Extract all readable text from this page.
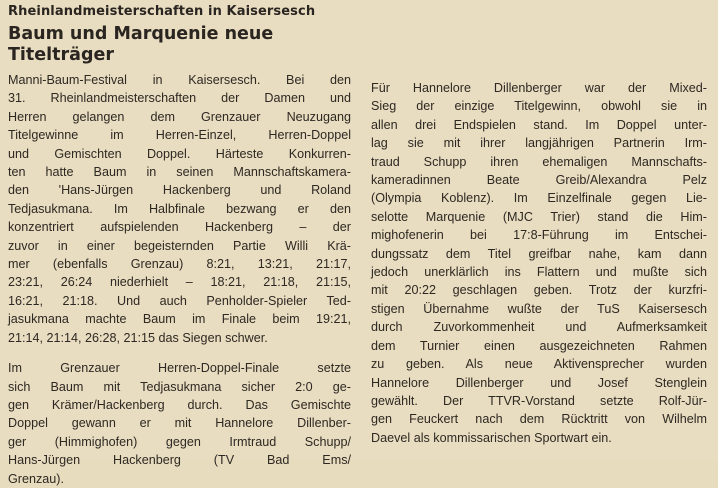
Rheinlandmeisterschaften in Kaisersesch
Baum und Marquenie neue
Titelträger

Manni-Baum-Festival in Kaisersesch. Bei den
31. Rheinlandmeisterschaften der Damen und
Herren gelangen dem Grenzauer Neuzugang
Titelgewinne im Herren-Einzel, Herren-Doppel
und Gemischten Doppel. Härteste Konkurren-
ten hatte Baum in seinen Mannschaftskamera-
den 'Hans-Jürgen Hackenberg und Roland
Tedjasukmana. Im Halbfinale bezwang er den
konzentriert aufspielenden Hackenberg – der
zuvor in einer begeisternden Partie Willi Krä-
mer (ebenfalls Grenzau) 8:21, 13:21, 21:17,
23:21, 26:24 niederhielt – 18:21, 21:18, 21:15,
16:21, 21:18. Und auch Penholder-Spieler Ted-
jasukmana machte Baum im Finale beim 19:21,
21:14, 21:14, 26:28, 21:15 das Siegen schwer.

Im Grenzauer Herren-Doppel-Finale setzte
sich Baum mit Tedjasukmana sicher 2:0 ge-
gen Krämer/Hackenberg durch. Das Gemischte
Doppel gewann er mit Hannelore Dillenber-
ger (Himmighofen) gegen Irmtraud Schupp/
Hans-Jürgen Hackenberg (TV Bad Ems/
Grenzau).

Für Hannelore Dillenberger war der Mixed-
Sieg der einzige Titelgewinn, obwohl sie in
allen drei Endspielen stand. Im Doppel unter-
lag sie mit ihrer langjährigen Partnerin Irm-
traud Schupp ihren ehemaligen Mannschafts-
kameradinnen Beate Greib/Alexandra Pelz
(Olympia Koblenz). Im Einzelfinale gegen Lie-
selotte Marquenie (MJC Trier) stand die Him-
mighofenerin bei 17:8-Führung im Entschei-
dungssatz dem Titel greifbar nahe, kam dann
jedoch unerklärlich ins Flattern und mußte sich
mit 20:22 geschlagen geben. Trotz der kurzfri-
stigen Übernahme wußte der TuS Kaisersesch
durch Zuvorkommenheit und Aufmerksamkeit
dem Turnier einen ausgezeichneten Rahmen
zu geben. Als neue Aktivensprecher wurden
Hannelore Dillenberger und Josef Stenglein
gewählt. Der TTVR-Vorstand setzte Rolf-Jür-
gen Feuckert nach dem Rücktritt von Wilhelm
Daevel als kommissarischen Sportwart ein.
